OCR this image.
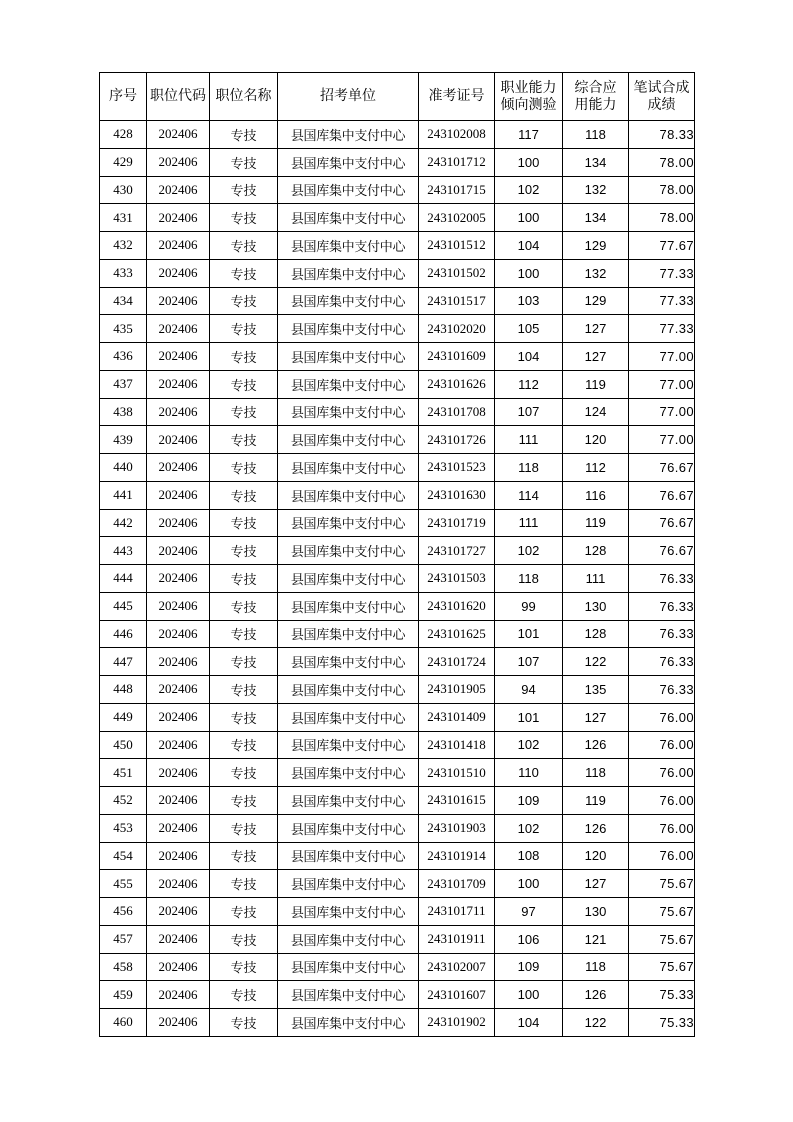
序号	职位代码	职位名称	招考单位	准考证号	职业能力倾向测验	综合应用能力	笔试合成成绩
428	202406	专技	县国库集中支付中心	243102008	117	118	78.33
429	202406	专技	县国库集中支付中心	243101712	100	134	78.00
430	202406	专技	县国库集中支付中心	243101715	102	132	78.00
431	202406	专技	县国库集中支付中心	243102005	100	134	78.00
432	202406	专技	县国库集中支付中心	243101512	104	129	77.67
433	202406	专技	县国库集中支付中心	243101502	100	132	77.33
434	202406	专技	县国库集中支付中心	243101517	103	129	77.33
435	202406	专技	县国库集中支付中心	243102020	105	127	77.33
436	202406	专技	县国库集中支付中心	243101609	104	127	77.00
437	202406	专技	县国库集中支付中心	243101626	112	119	77.00
438	202406	专技	县国库集中支付中心	243101708	107	124	77.00
439	202406	专技	县国库集中支付中心	243101726	111	120	77.00
440	202406	专技	县国库集中支付中心	243101523	118	112	76.67
441	202406	专技	县国库集中支付中心	243101630	114	116	76.67
442	202406	专技	县国库集中支付中心	243101719	111	119	76.67
443	202406	专技	县国库集中支付中心	243101727	102	128	76.67
444	202406	专技	县国库集中支付中心	243101503	118	111	76.33
445	202406	专技	县国库集中支付中心	243101620	99	130	76.33
446	202406	专技	县国库集中支付中心	243101625	101	128	76.33
447	202406	专技	县国库集中支付中心	243101724	107	122	76.33
448	202406	专技	县国库集中支付中心	243101905	94	135	76.33
449	202406	专技	县国库集中支付中心	243101409	101	127	76.00
450	202406	专技	县国库集中支付中心	243101418	102	126	76.00
451	202406	专技	县国库集中支付中心	243101510	110	118	76.00
452	202406	专技	县国库集中支付中心	243101615	109	119	76.00
453	202406	专技	县国库集中支付中心	243101903	102	126	76.00
454	202406	专技	县国库集中支付中心	243101914	108	120	76.00
455	202406	专技	县国库集中支付中心	243101709	100	127	75.67
456	202406	专技	县国库集中支付中心	243101711	97	130	75.67
457	202406	专技	县国库集中支付中心	243101911	106	121	75.67
458	202406	专技	县国库集中支付中心	243102007	109	118	75.67
459	202406	专技	县国库集中支付中心	243101607	100	126	75.33
460	202406	专技	县国库集中支付中心	243101902	104	122	75.33
